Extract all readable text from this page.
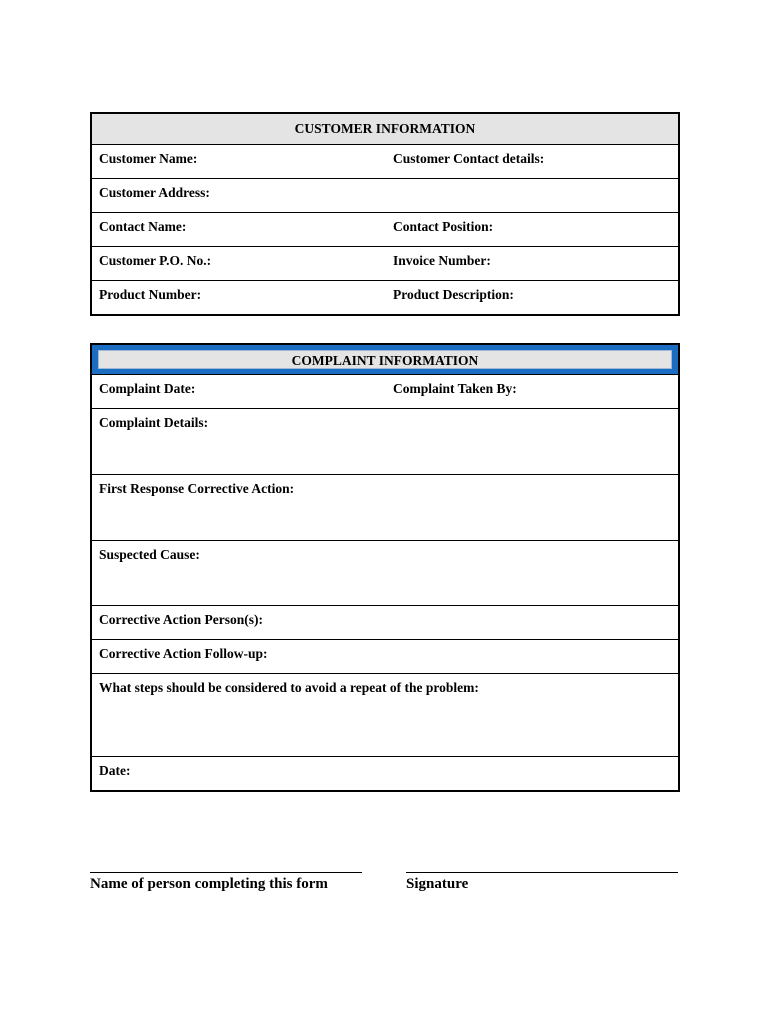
CUSTOMER INFORMATION
Customer Name:	Customer Contact details:
Customer Address:
Contact Name:	Contact Position:
Customer P.O. No.:	Invoice Number:
Product Number:	Product Description:
COMPLAINT INFORMATION
Complaint Date:	Complaint Taken By:
Complaint Details:
First Response Corrective Action:
Suspected Cause:
Corrective Action Person(s):
Corrective Action Follow-up:
What steps should be considered to avoid a repeat of the problem:
Date:
Name of person completing this form	Signature
